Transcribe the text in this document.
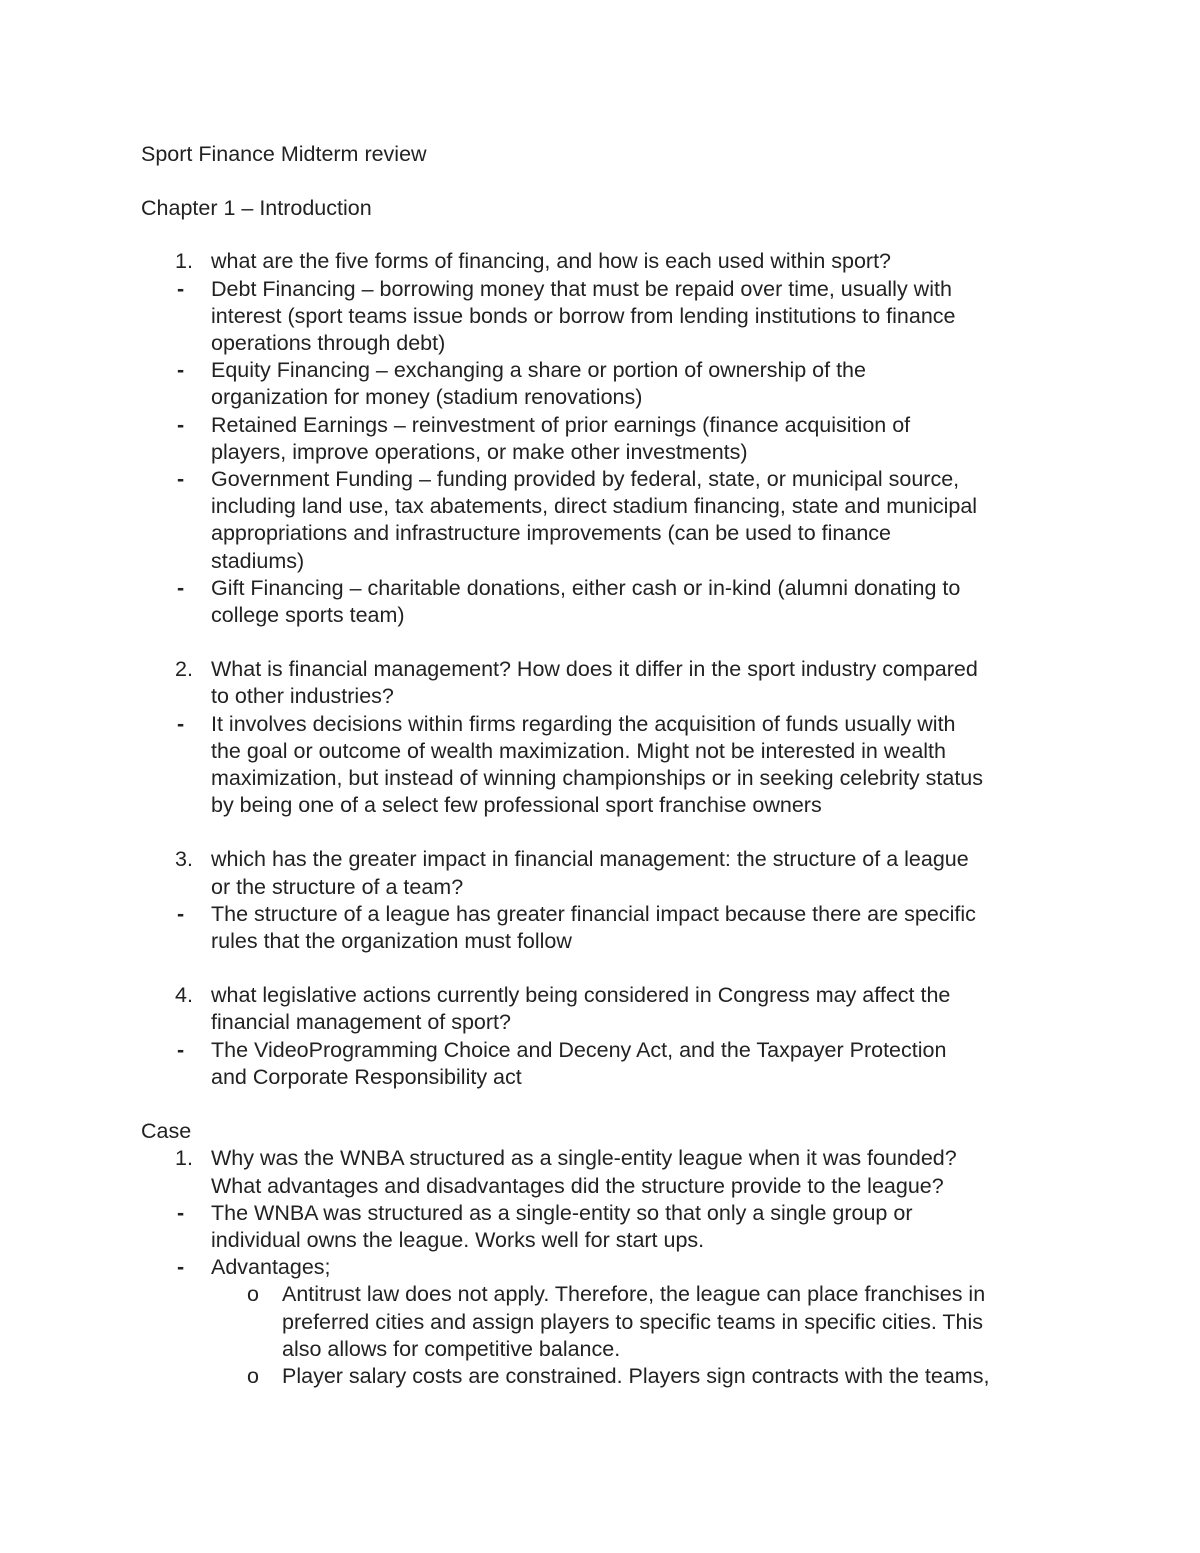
Sport Finance Midterm review
Chapter 1 – Introduction
1. what are the five forms of financing, and how is each used within sport?
- Debt Financing – borrowing money that must be repaid over time, usually with
interest (sport teams issue bonds or borrow from lending institutions to finance
operations through debt)
- Equity Financing – exchanging a share or portion of ownership of the
organization for money (stadium renovations)
- Retained Earnings – reinvestment of prior earnings (finance acquisition of
players, improve operations, or make other investments)
- Government Funding – funding provided by federal, state, or municipal source,
including land use, tax abatements, direct stadium financing, state and municipal
appropriations and infrastructure improvements (can be used to finance
stadiums)
- Gift Financing – charitable donations, either cash or in-kind (alumni donating to
college sports team)
2. What is financial management? How does it differ in the sport industry compared
to other industries?
- It involves decisions within firms regarding the acquisition of funds usually with
the goal or outcome of wealth maximization. Might not be interested in wealth
maximization, but instead of winning championships or in seeking celebrity status
by being one of a select few professional sport franchise owners
3. which has the greater impact in financial management: the structure of a league
or the structure of a team?
- The structure of a league has greater financial impact because there are specific
rules that the organization must follow
4. what legislative actions currently being considered in Congress may affect the
financial management of sport?
- The VideoProgramming Choice and Deceny Act, and the Taxpayer Protection
and Corporate Responsibility act
Case
1. Why was the WNBA structured as a single-entity league when it was founded?
What advantages and disadvantages did the structure provide to the league?
- The WNBA was structured as a single-entity so that only a single group or
individual owns the league. Works well for start ups.
- Advantages;
o Antitrust law does not apply. Therefore, the league can place franchises in
preferred cities and assign players to specific teams in specific cities. This
also allows for competitive balance.
o Player salary costs are constrained. Players sign contracts with the teams,
